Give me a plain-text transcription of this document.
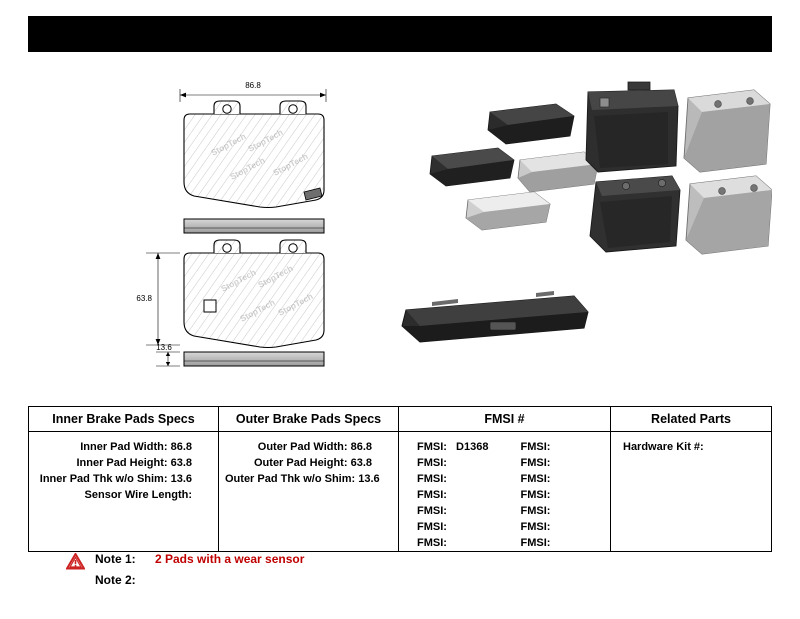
309.13680	Brake Pad
86.8
StopTech
StopTech
StopTech StopTech
63.8
13.6
StopTech
StopTech
StopTech StopTech
Inner Brake Pads Specs
Inner Pad Width: 86.8
Inner Pad Height: 63.8
Inner Pad Thk w/o Shim: 13.6
Sensor Wire Length:
Outer Brake Pads Specs
Outer Pad Width: 86.8
Outer Pad Height: 63.8
Outer Pad Thk w/o Shim: 13.6
FMSI #
FMSI: D1368
FMSI:
FMSI:
FMSI:
FMSI:
FMSI:
FMSI:
FMSI:
FMSI:
FMSI:
FMSI:
FMSI:
FMSI:
FMSI:
Related Parts
Hardware Kit #:
Note 1:	2 Pads with a wear sensor
Note 2:
